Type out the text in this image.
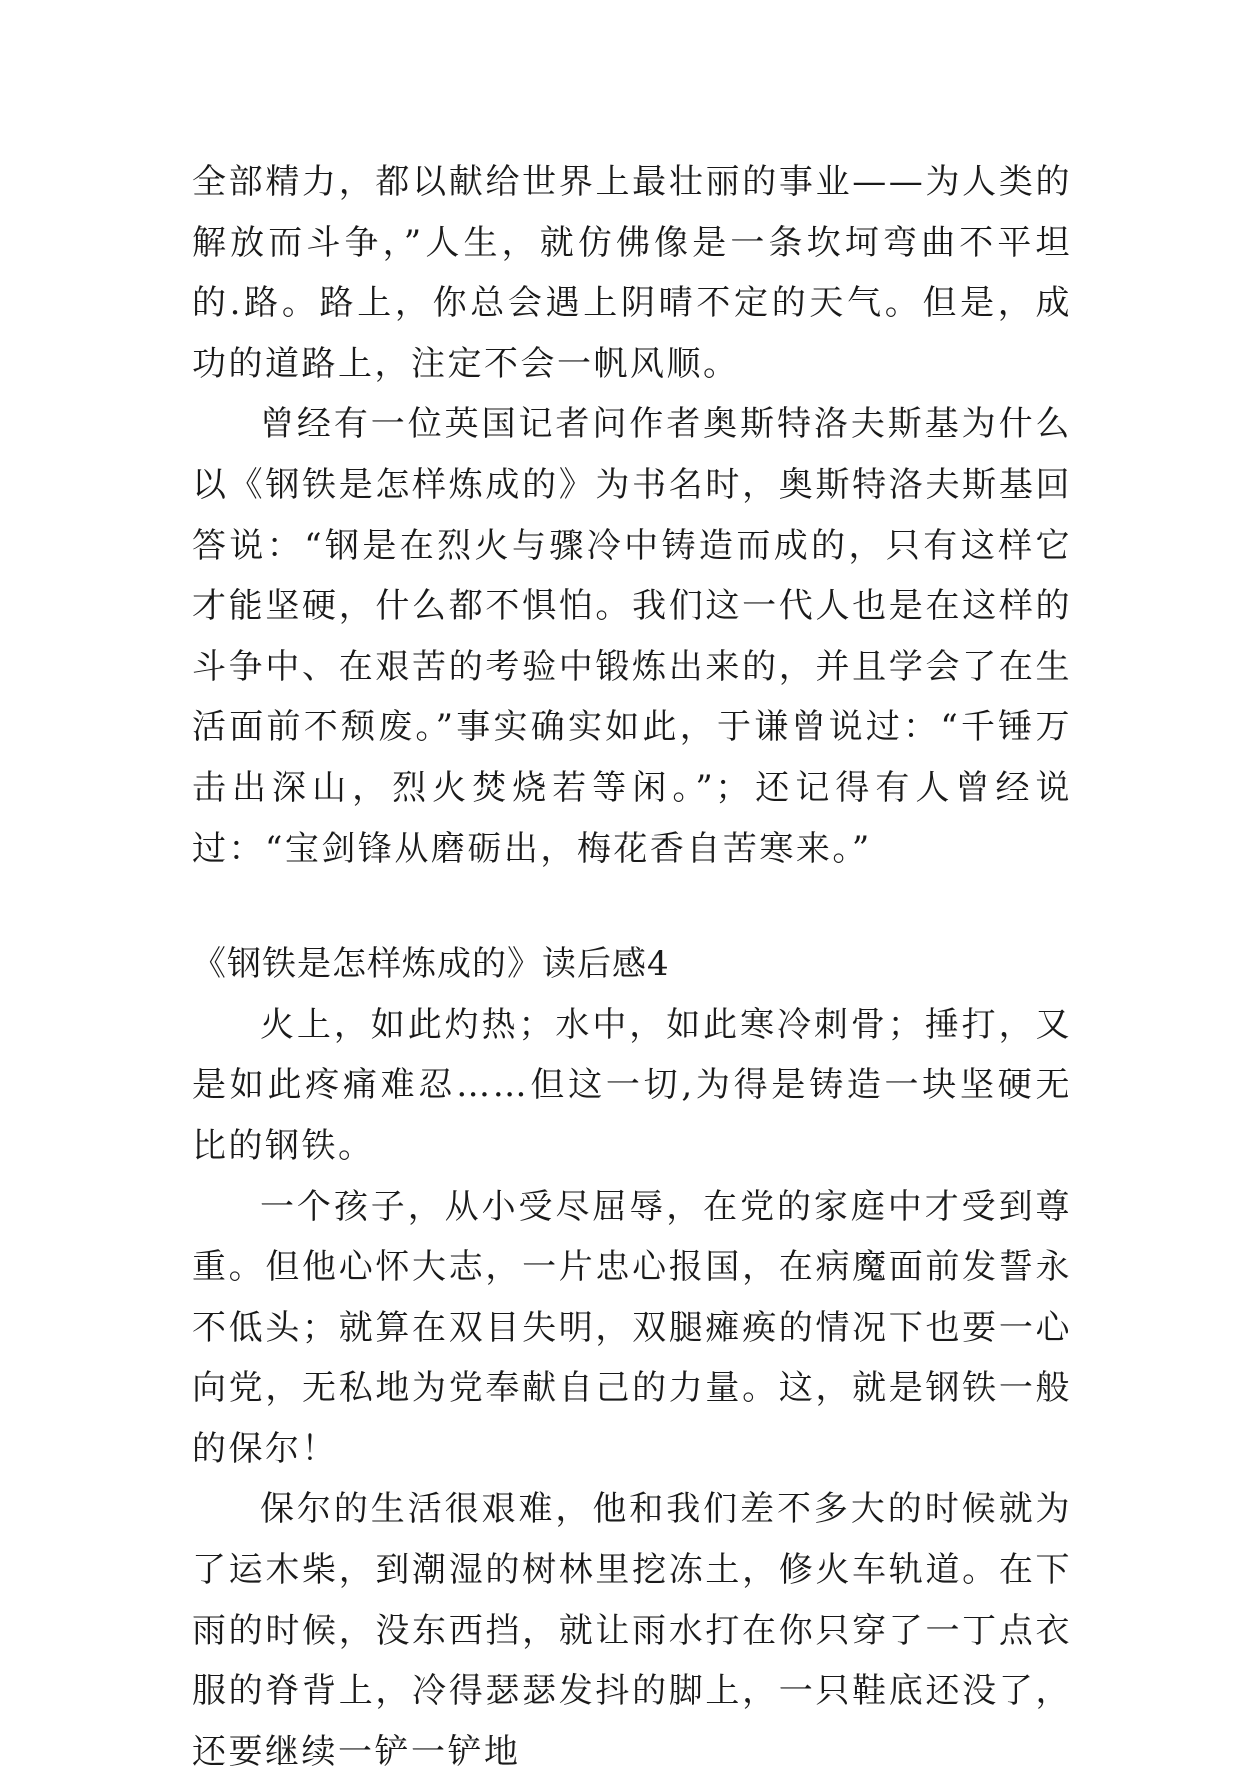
全部精力，都以献给世界上最壮丽的事业——为人类的解放而斗争，”人生，就仿佛像是一条坎坷弯曲不平坦的.路。路上，你总会遇上阴晴不定的天气。但是，成功的道路上，注定不会一帆风顺。

曾经有一位英国记者问作者奥斯特洛夫斯基为什么以《钢铁是怎样炼成的》为书名时，奥斯特洛夫斯基回答说：“钢是在烈火与骤冷中铸造而成的，只有这样它才能坚硬，什么都不惧怕。我们这一代人也是在这样的斗争中、在艰苦的考验中锻炼出来的，并且学会了在生活面前不颓废。”事实确实如此，于谦曾说过：“千锤万击出深山，烈火焚烧若等闲。”；还记得有人曾经说过：“宝剑锋从磨砺出，梅花香自苦寒来。”

《钢铁是怎样炼成的》读后感4

火上，如此灼热；水中，如此寒冷刺骨；捶打，又是如此疼痛难忍……但这一切,为得是铸造一块坚硬无比的钢铁。

一个孩子，从小受尽屈辱，在党的家庭中才受到尊重。但他心怀大志，一片忠心报国，在病魔面前发誓永不低头；就算在双目失明，双腿瘫痪的情况下也要一心向党，无私地为党奉献自己的力量。这，就是钢铁一般的保尔！

保尔的生活很艰难，他和我们差不多大的时候就为了运木柴，到潮湿的树林里挖冻土，修火车轨道。在下雨的时候，没东西挡，就让雨水打在你只穿了一丁点衣服的脊背上，冷得瑟瑟发抖的脚上，一只鞋底还没了，还要继续一铲一铲地
